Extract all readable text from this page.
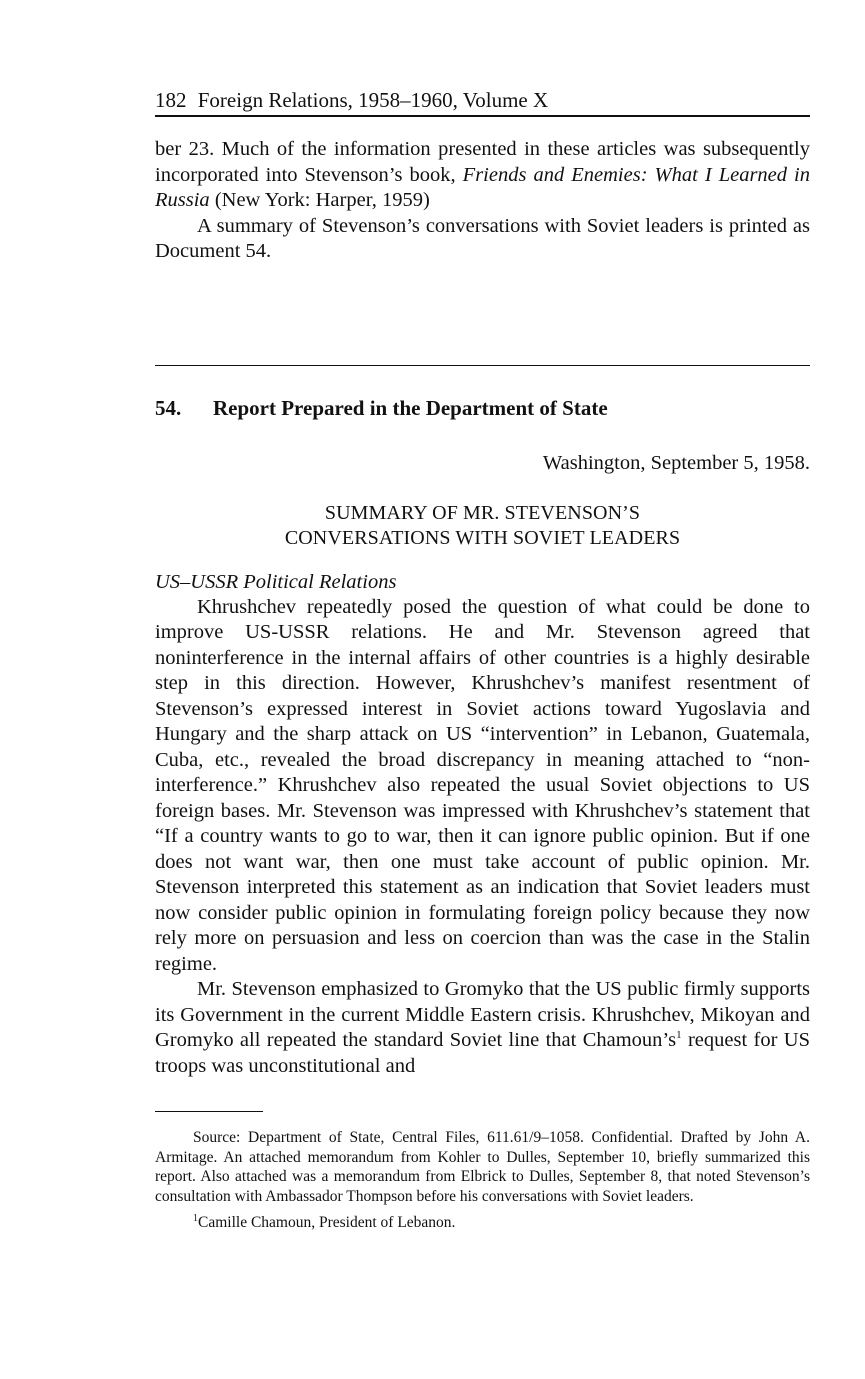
182 Foreign Relations, 1958–1960, Volume X

ber 23. Much of the information presented in these articles was subsequently incorporated into Stevenson’s book, Friends and Enemies: What I Learned in Russia (New York: Harper, 1959)

A summary of Stevenson’s conversations with Soviet leaders is printed as Document 54.

54. Report Prepared in the Department of State
Washington, September 5, 1958.
SUMMARY OF MR. STEVENSON’S
CONVERSATIONS WITH SOVIET LEADERS
US–USSR Political Relations

Khrushchev repeatedly posed the question of what could be done to improve US-USSR relations. He and Mr. Stevenson agreed that noninterference in the internal affairs of other countries is a highly desirable step in this direction. However, Khrushchev’s manifest resentment of Stevenson’s expressed interest in Soviet actions toward Yugoslavia and Hungary and the sharp attack on US “intervention” in Lebanon, Guatemala, Cuba, etc., revealed the broad discrepancy in meaning attached to “non-interference.” Khrushchev also repeated the usual Soviet objections to US foreign bases. Mr. Stevenson was impressed with Khrushchev’s statement that “If a country wants to go to war, then it can ignore public opinion. But if one does not want war, then one must take account of public opinion. Mr. Stevenson interpreted this statement as an indication that Soviet leaders must now consider public opinion in formulating foreign policy because they now rely more on persuasion and less on coercion than was the case in the Stalin regime.

Mr. Stevenson emphasized to Gromyko that the US public firmly supports its Government in the current Middle Eastern crisis. Khrushchev, Mikoyan and Gromyko all repeated the standard Soviet line that Chamoun’s$^1$ request for US troops was unconstitutional and

Source: Department of State, Central Files, 611.61/9–1058. Confidential. Drafted by John A. Armitage. An attached memorandum from Kohler to Dulles, September 10, briefly summarized this report. Also attached was a memorandum from Elbrick to Dulles, September 8, that noted Stevenson’s consultation with Ambassador Thompson before his conversations with Soviet leaders.

$^1$Camille Chamoun, President of Lebanon.
